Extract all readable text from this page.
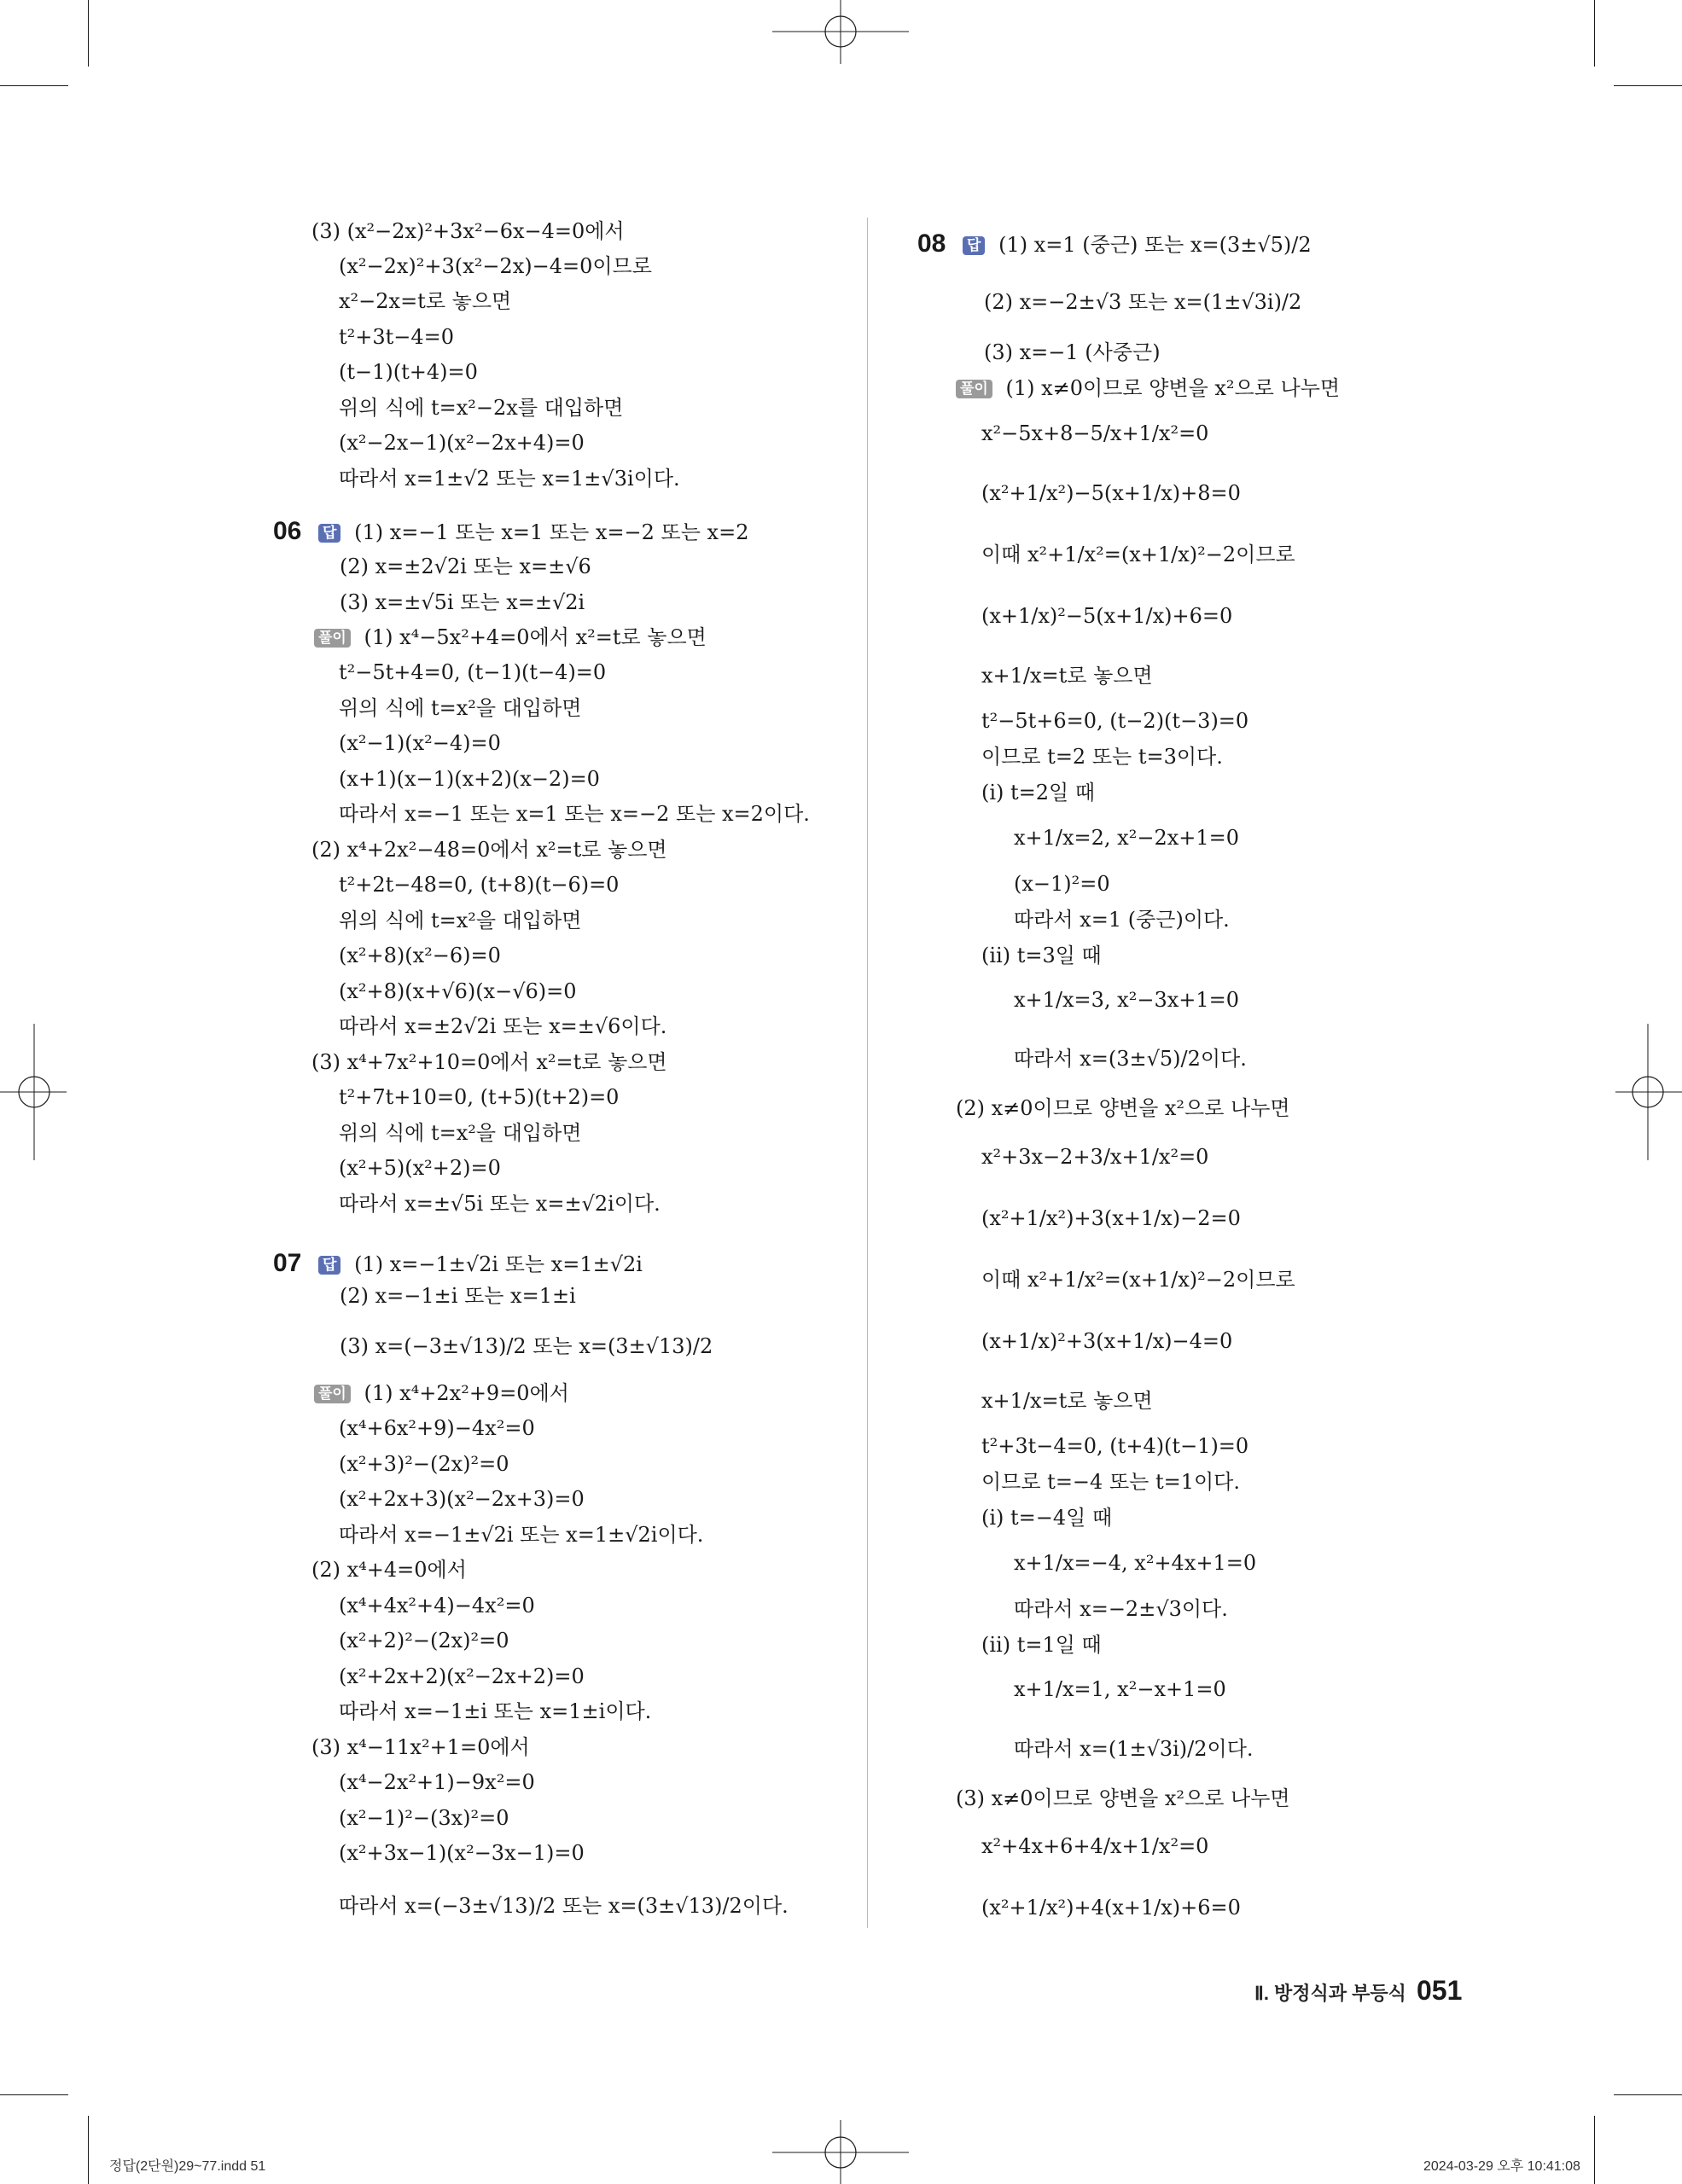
(3) (x²−2x)²+3x²−6x−4=0에서
(x²−2x)²+3(x²−2x)−4=0이므로
x²−2x=t로 놓으면
t²+3t−4=0
(t−1)(t+4)=0
위의 식에 t=x²−2x를 대입하면
(x²−2x−1)(x²−2x+4)=0
따라서 x=1±√2 또는 x=1±√3i이다.
06 답 (1) x=−1 또는 x=1 또는 x=−2 또는 x=2
(2) x=±2√2i 또는 x=±√6
(3) x=±√5i 또는 x=±√2i
풀이 (1) x⁴−5x²+4=0에서 x²=t로 놓으면
t²−5t+4=0, (t−1)(t−4)=0
위의 식에 t=x²을 대입하면
(x²−1)(x²−4)=0
(x+1)(x−1)(x+2)(x−2)=0
따라서 x=−1 또는 x=1 또는 x=−2 또는 x=2이다.
(2) x⁴+2x²−48=0에서 x²=t로 놓으면
t²+2t−48=0, (t+8)(t−6)=0
위의 식에 t=x²을 대입하면
(x²+8)(x²−6)=0
(x²+8)(x+√6)(x−√6)=0
따라서 x=±2√2i 또는 x=±√6이다.
(3) x⁴+7x²+10=0에서 x²=t로 놓으면
t²+7t+10=0, (t+5)(t+2)=0
위의 식에 t=x²을 대입하면
(x²+5)(x²+2)=0
따라서 x=±√5i 또는 x=±√2i이다.
07 답 (1) x=−1±√2i 또는 x=1±√2i
(2) x=−1±i 또는 x=1±i
(3) x=(−3±√13)/2 또는 x=(3±√13)/2
풀이 (1) x⁴+2x²+9=0에서
(x⁴+6x²+9)−4x²=0
(x²+3)²−(2x)²=0
(x²+2x+3)(x²−2x+3)=0
따라서 x=−1±√2i 또는 x=1±√2i이다.
(2) x⁴+4=0에서
(x⁴+4x²+4)−4x²=0
(x²+2)²−(2x)²=0
(x²+2x+2)(x²−2x+2)=0
따라서 x=−1±i 또는 x=1±i이다.
(3) x⁴−11x²+1=0에서
(x⁴−2x²+1)−9x²=0
(x²−1)²−(3x)²=0
(x²+3x−1)(x²−3x−1)=0
따라서 x=(−3±√13)/2 또는 x=(3±√13)/2이다.
08 답 (1) x=1 (중근) 또는 x=(3±√5)/2
(2) x=−2±√3 또는 x=(1±√3i)/2
(3) x=−1 (사중근)
풀이 (1) x≠0이므로 양변을 x²으로 나누면
x²−5x+8−5/x+1/x²=0
(x²+1/x²)−5(x+1/x)+8=0
이때 x²+1/x²=(x+1/x)²−2이므로
(x+1/x)²−5(x+1/x)+6=0
x+1/x=t로 놓으면
t²−5t+6=0, (t−2)(t−3)=0
이므로 t=2 또는 t=3이다.
(ⅰ) t=2일 때
x+1/x=2, x²−2x+1=0
(x−1)²=0
따라서 x=1 (중근)이다.
(ⅱ) t=3일 때
x+1/x=3, x²−3x+1=0
따라서 x=(3±√5)/2이다.
(2) x≠0이므로 양변을 x²으로 나누면
x²+3x−2+3/x+1/x²=0
(x²+1/x²)+3(x+1/x)−2=0
이때 x²+1/x²=(x+1/x)²−2이므로
(x+1/x)²+3(x+1/x)−4=0
x+1/x=t로 놓으면
t²+3t−4=0, (t+4)(t−1)=0
이므로 t=−4 또는 t=1이다.
(ⅰ) t=−4일 때
x+1/x=−4, x²+4x+1=0
따라서 x=−2±√3이다.
(ⅱ) t=1일 때
x+1/x=1, x²−x+1=0
따라서 x=(1±√3i)/2이다.
(3) x≠0이므로 양변을 x²으로 나누면
x²+4x+6+4/x+1/x²=0
(x²+1/x²)+4(x+1/x)+6=0
Ⅱ. 방정식과 부등식 051
정답(2단원)29~77.indd 51	2024-03-29 오후 10:41:08
